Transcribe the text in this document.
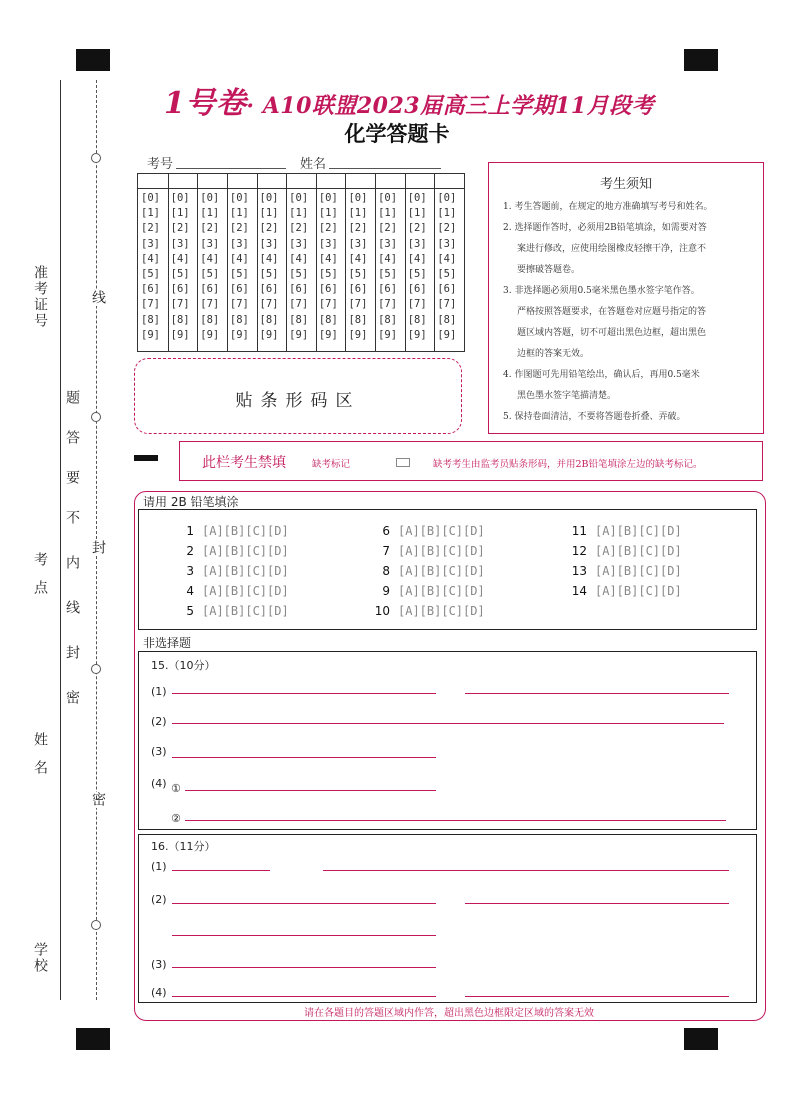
准考证号
考点
姓名
学校
线
封
密
题
答
要
不
内
线
封
密
1号卷· A10联盟2023届高三上学期11月段考
化学答题卡
考号	姓名
[0] [0] [0] [0] [0] [0] [0] [0] [0] [0] [0]
[1] [1] [1] [1] [1] [1] [1] [1] [1] [1] [1]
[2] [2] [2] [2] [2] [2] [2] [2] [2] [2] [2]
[3] [3] [3] [3] [3] [3] [3] [3] [3] [3] [3]
[4] [4] [4] [4] [4] [4] [4] [4] [4] [4] [4]
[5] [5] [5] [5] [5] [5] [5] [5] [5] [5] [5]
[6] [6] [6] [6] [6] [6] [6] [6] [6] [6] [6]
[7] [7] [7] [7] [7] [7] [7] [7] [7] [7] [7]
[8] [8] [8] [8] [8] [8] [8] [8] [8] [8] [8]
[9] [9] [9] [9] [9] [9] [9] [9] [9] [9] [9]
贴条形码区
考生须知
1. 考生答题前，在规定的地方准确填写考号和姓名。
2. 选择题作答时，必须用2B铅笔填涂，如需要对答
案进行修改，应使用绘图橡皮轻擦干净，注意不
要擦破答题卷。
3. 非选择题必须用0.5毫米黑色墨水签字笔作答。
严格按照答题要求，在答题卷对应题号指定的答
题区域内答题，切不可超出黑色边框，超出黑色
边框的答案无效。
4. 作图题可先用铅笔绘出，确认后，再用0.5毫米
黑色墨水签字笔描清楚。
5. 保持卷面清洁，不要将答题卷折叠、弄破。
此栏考生禁填	缺考标记	缺考考生由监考员贴条形码，并用2B铅笔填涂左边的缺考标记。
请用 2B 铅笔填涂
非选择题
15.（10分）
(1)
(2)
(3)
(4) ①
②
16.（11分）
(1)
(2)
(3)
(4)
请在各题目的答题区域内作答，超出黑色边框限定区域的答案无效
1 [A][B][C][D]
2 [A][B][C][D]
3 [A][B][C][D]
4 [A][B][C][D]
5 [A][B][C][D]
6 [A][B][C][D]
7 [A][B][C][D]
8 [A][B][C][D]
9 [A][B][C][D]
10 [A][B][C][D]
11 [A][B][C][D]
12 [A][B][C][D]
13 [A][B][C][D]
14 [A][B][C][D]
